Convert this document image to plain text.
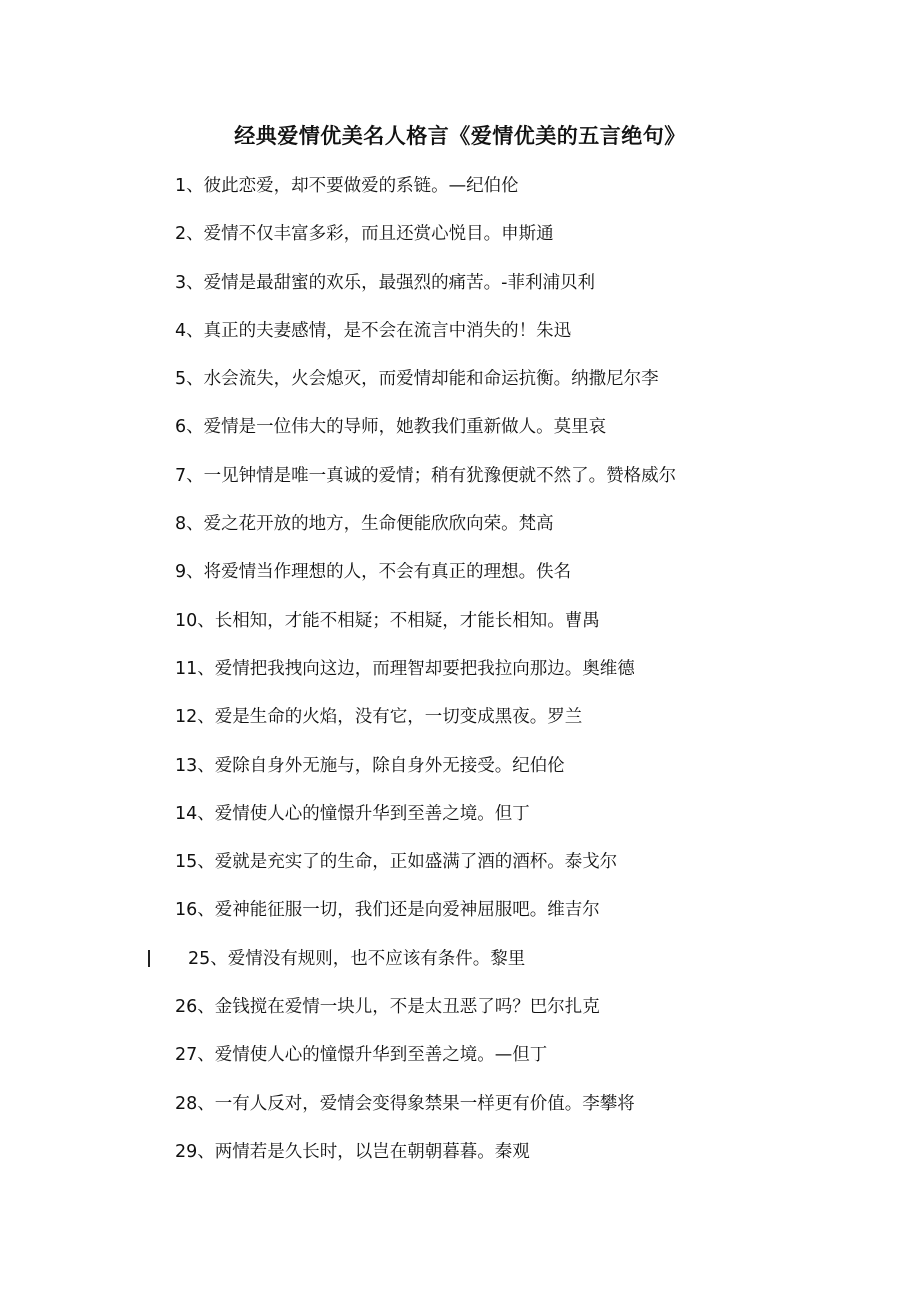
经典爱情优美名人格言《爱情优美的五言绝句》
1、彼此恋爱，却不要做爱的系链。—纪伯伦
2、爱情不仅丰富多彩，而且还赏心悦目。申斯通
3、爱情是最甜蜜的欢乐，最强烈的痛苦。-菲利浦贝利
4、真正的夫妻感情，是不会在流言中消失的！朱迅
5、水会流失，火会熄灭，而爱情却能和命运抗衡。纳撒尼尔李
6、爱情是一位伟大的导师，她教我们重新做人。莫里哀
7、一见钟情是唯一真诚的爱情；稍有犹豫便就不然了。赞格威尔
8、爱之花开放的地方，生命便能欣欣向荣。梵高
9、将爱情当作理想的人，不会有真正的理想。佚名
10、长相知，才能不相疑；不相疑，才能长相知。曹禺
11、爱情把我拽向这边，而理智却要把我拉向那边。奥维德
12、爱是生命的火焰，没有它，一切变成黑夜。罗兰
13、爱除自身外无施与，除自身外无接受。纪伯伦
14、爱情使人心的憧憬升华到至善之境。但丁
15、爱就是充实了的生命，正如盛满了酒的酒杯。泰戈尔
16、爱神能征服一切，我们还是向爱神屈服吧。维吉尔
25、爱情没有规则，也不应该有条件。黎里
26、金钱搅在爱情一块儿，不是太丑恶了吗？巴尔扎克
27、爱情使人心的憧憬升华到至善之境。—但丁
28、一有人反对，爱情会变得象禁果一样更有价值。李攀将
29、两情若是久长时，以岂在朝朝暮暮。秦观
